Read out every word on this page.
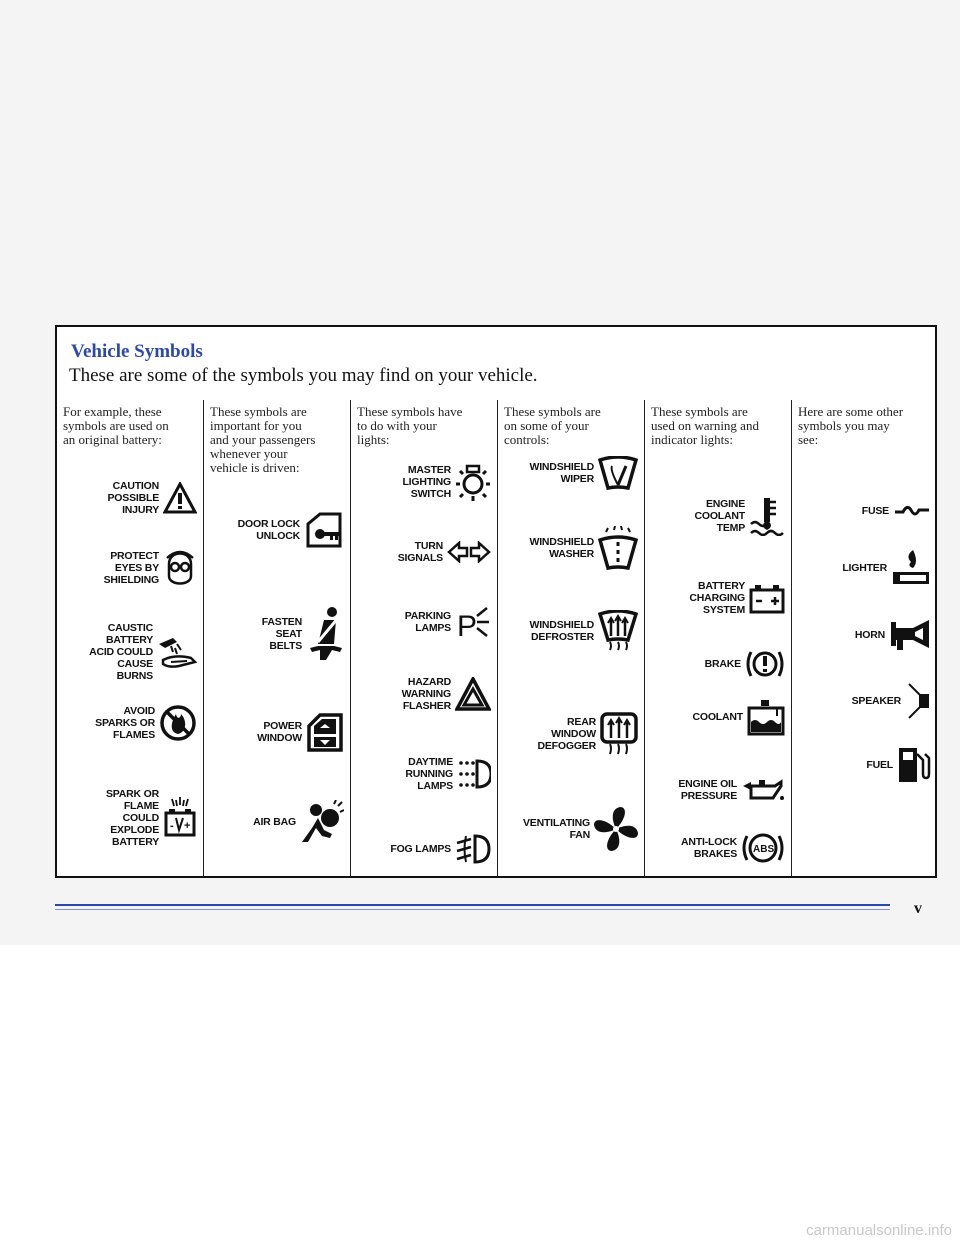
Vehicle Symbols

These are some of the symbols you may find on your vehicle.

For example, these symbols are used on an original battery:

CAUTION
POSSIBLE
INJURY
PROTECT
EYES BY
SHIELDING
CAUSTIC
BATTERY
ACID COULD
CAUSE
BURNS
AVOID
SPARKS OR
FLAMES
SPARK OR
FLAME
COULD
EXPLODE
BATTERY
- +

These symbols are important for you and your passengers whenever your vehicle is driven:

DOOR LOCK
UNLOCK
FASTEN
SEAT
BELTS
POWER
WINDOW
AIR BAG

These symbols have to do with your lights:

MASTER
LIGHTING
SWITCH
TURN
SIGNALS
PARKING
LAMPS P
HAZARD
WARNING
FLASHER
DAYTIME
RUNNING
LAMPS
FOG LAMPS

These symbols are on some of your controls:

WINDSHIELD
WIPER
WINDSHIELD
WASHER
WINDSHIELD
DEFROSTER
REAR
WINDOW
DEFOGGER
VENTILATING
FAN

These symbols are used on warning and indicator lights:

ENGINE
COOLANT
TEMP
BATTERY
CHARGING
SYSTEM
BRAKE
COOLANT
ENGINE OIL
PRESSURE
ANTI-LOCK
BRAKES ABS

Here are some other symbols you may see:

FUSE
LIGHTER
HORN
SPEAKER
FUEL
v
carmanualsonline.info
